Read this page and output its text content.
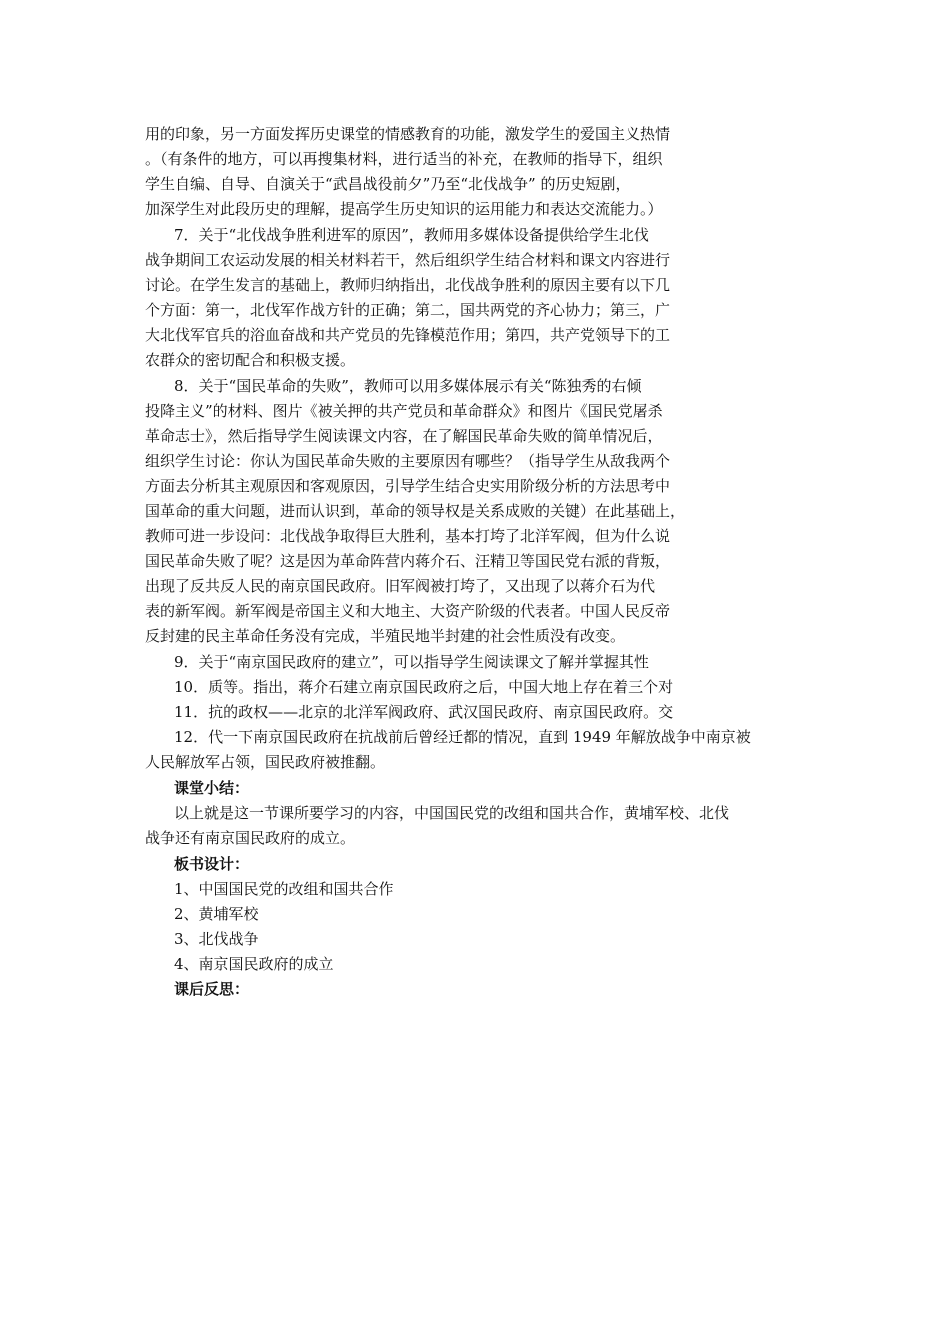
用的印象，另一方面发挥历史课堂的情感教育的功能，激发学生的爱国主义热情
。（有条件的地方，可以再搜集材料，进行适当的补充，在教师的指导下，组织
学生自编、自导、自演关于“武昌战役前夕”乃至“北伐战争” 的历史短剧，
加深学生对此段历史的理解，提高学生历史知识的运用能力和表达交流能力。）
7．关于“北伐战争胜利进军的原因”，教师用多媒体设备提供给学生北伐
战争期间工农运动发展的相关材料若干，然后组织学生结合材料和课文内容进行
讨论。在学生发言的基础上，教师归纳指出，北伐战争胜利的原因主要有以下几
个方面：第一，北伐军作战方针的正确；第二，国共两党的齐心协力；第三，广
大北伐军官兵的浴血奋战和共产党员的先锋模范作用；第四，共产党领导下的工
农群众的密切配合和积极支援。
8．关于“国民革命的失败”，教师可以用多媒体展示有关“陈独秀的右倾
投降主义”的材料、图片《被关押的共产党员和革命群众》和图片《国民党屠杀
革命志士》，然后指导学生阅读课文内容，在了解国民革命失败的简单情况后，
组织学生讨论：你认为国民革命失败的主要原因有哪些？（指导学生从敌我两个
方面去分析其主观原因和客观原因，引导学生结合史实用阶级分析的方法思考中
国革命的重大问题，进而认识到，革命的领导权是关系成败的关键）在此基础上，
教师可进一步设问：北伐战争取得巨大胜利，基本打垮了北洋军阀，但为什么说
国民革命失败了呢？这是因为革命阵营内蒋介石、汪精卫等国民党右派的背叛，
出现了反共反人民的南京国民政府。旧军阀被打垮了，又出现了以蒋介石为代
表的新军阀。新军阀是帝国主义和大地主、大资产阶级的代表者。中国人民反帝
反封建的民主革命任务没有完成，半殖民地半封建的社会性质没有改变。
9．关于“南京国民政府的建立”，可以指导学生阅读课文了解并掌握其性
10．质等。指出，蒋介石建立南京国民政府之后，中国大地上存在着三个对
11．抗的政权——北京的北洋军阀政府、武汉国民政府、南京国民政府。交
12．代一下南京国民政府在抗战前后曾经迁都的情况，直到 1949 年解放战争中南京被
人民解放军占领，国民政府被推翻。
课堂小结：
以上就是这一节课所要学习的内容，中国国民党的改组和国共合作，黄埔军校、北伐
战争还有南京国民政府的成立。
板书设计：
1、中国国民党的改组和国共合作
2、黄埔军校
3、北伐战争
4、南京国民政府的成立
课后反思：
